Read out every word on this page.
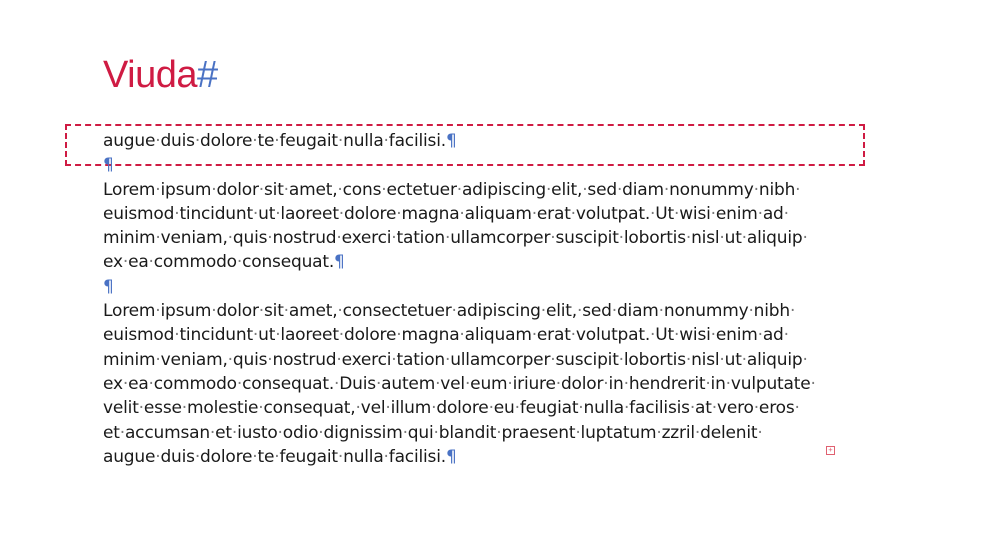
Viuda#
augue·duis·dolore·te·feugait·nulla·facilisi.¶
¶
Lorem·ipsum·dolor·sit·amet,·cons·ectetuer·adipiscing·elit,·sed·diam·nonummy·nibh·
euismod·tincidunt·ut·laoreet·dolore·magna·aliquam·erat·volutpat.·Ut·wisi·enim·ad·
minim·veniam,·quis·nostrud·exerci·tation·ullamcorper·suscipit·lobortis·nisl·ut·aliquip·
ex·ea·commodo·consequat.¶
¶
Lorem·ipsum·dolor·sit·amet,·consectetuer·adipiscing·elit,·sed·diam·nonummy·nibh·
euismod·tincidunt·ut·laoreet·dolore·magna·aliquam·erat·volutpat.·Ut·wisi·enim·ad·
minim·veniam,·quis·nostrud·exerci·tation·ullamcorper·suscipit·lobortis·nisl·ut·aliquip·
ex·ea·commodo·consequat.·Duis·autem·vel·eum·iriure·dolor·in·hendrerit·in·vulputate·
velit·esse·molestie·consequat,·vel·illum·dolore·eu·feugiat·nulla·facilisis·at·vero·eros·
et·accumsan·et·iusto·odio·dignissim·qui·blandit·praesent·luptatum·zzril·delenit·
augue·duis·dolore·te·feugait·nulla·facilisi.¶	+
